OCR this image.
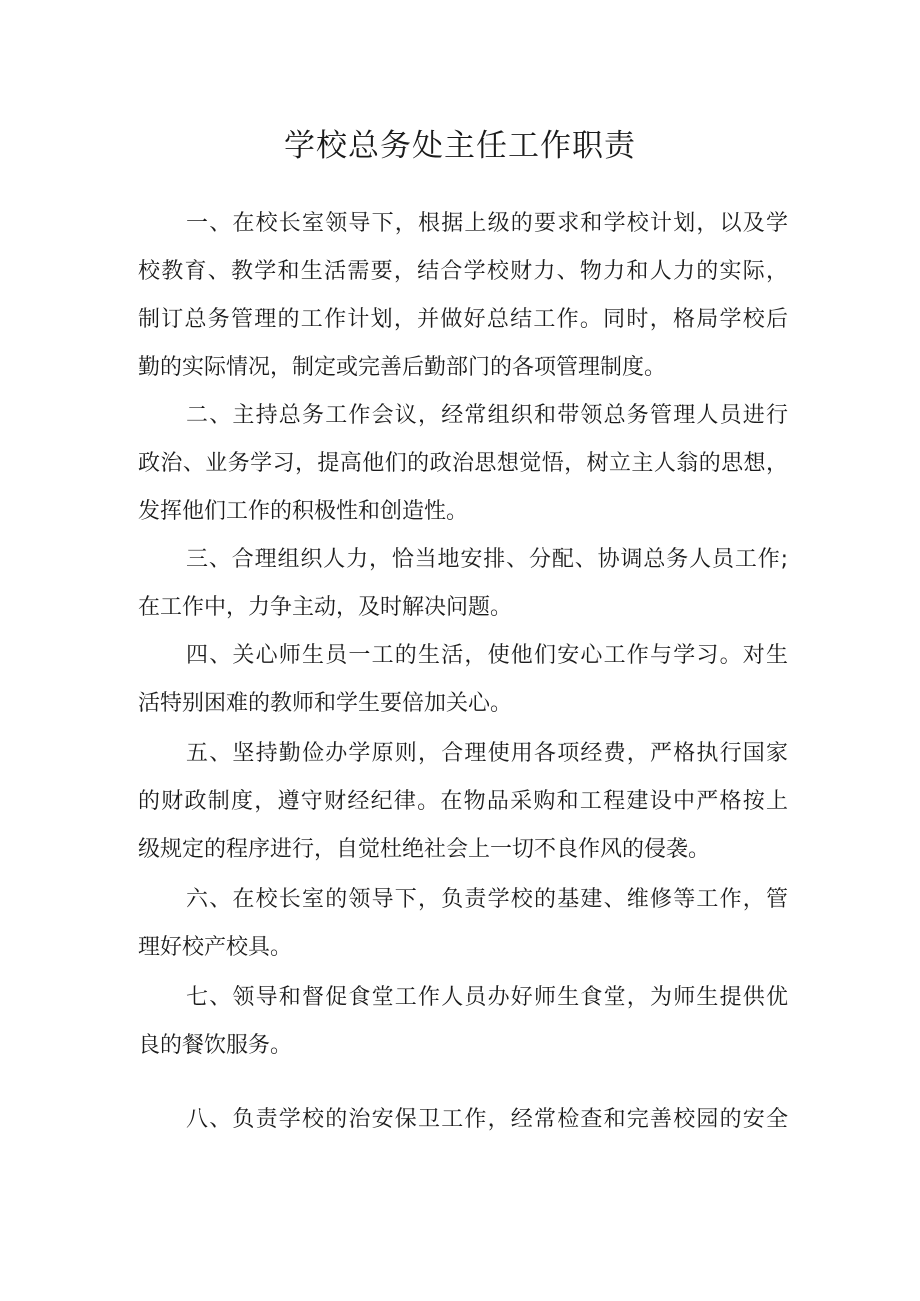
学校总务处主任工作职责

一、在校长室领导下，根据上级的要求和学校计划，以及学

校教育、教学和生活需要，结合学校财力、物力和人力的实际，

制订总务管理的工作计划，并做好总结工作。同时，格局学校后

勤的实际情况，制定或完善后勤部门的各项管理制度。

二、主持总务工作会议，经常组织和带领总务管理人员进行

政治、业务学习，提高他们的政治思想觉悟，树立主人翁的思想，

发挥他们工作的积极性和创造性。

三、合理组织人力，恰当地安排、分配、协调总务人员工作;

在工作中，力争主动，及时解决问题。

四、关心师生员一工的生活，使他们安心工作与学习。对生

活特别困难的教师和学生要倍加关心。

五、坚持勤俭办学原则，合理使用各项经费，严格执行国家

的财政制度，遵守财经纪律。在物品采购和工程建设中严格按上

级规定的程序进行，自觉杜绝社会上一切不良作风的侵袭。

六、在校长室的领导下，负责学校的基建、维修等工作，管

理好校产校具。

七、领导和督促食堂工作人员办好师生食堂，为师生提供优

良的餐饮服务。

八、负责学校的治安保卫工作，经常检查和完善校园的安全
